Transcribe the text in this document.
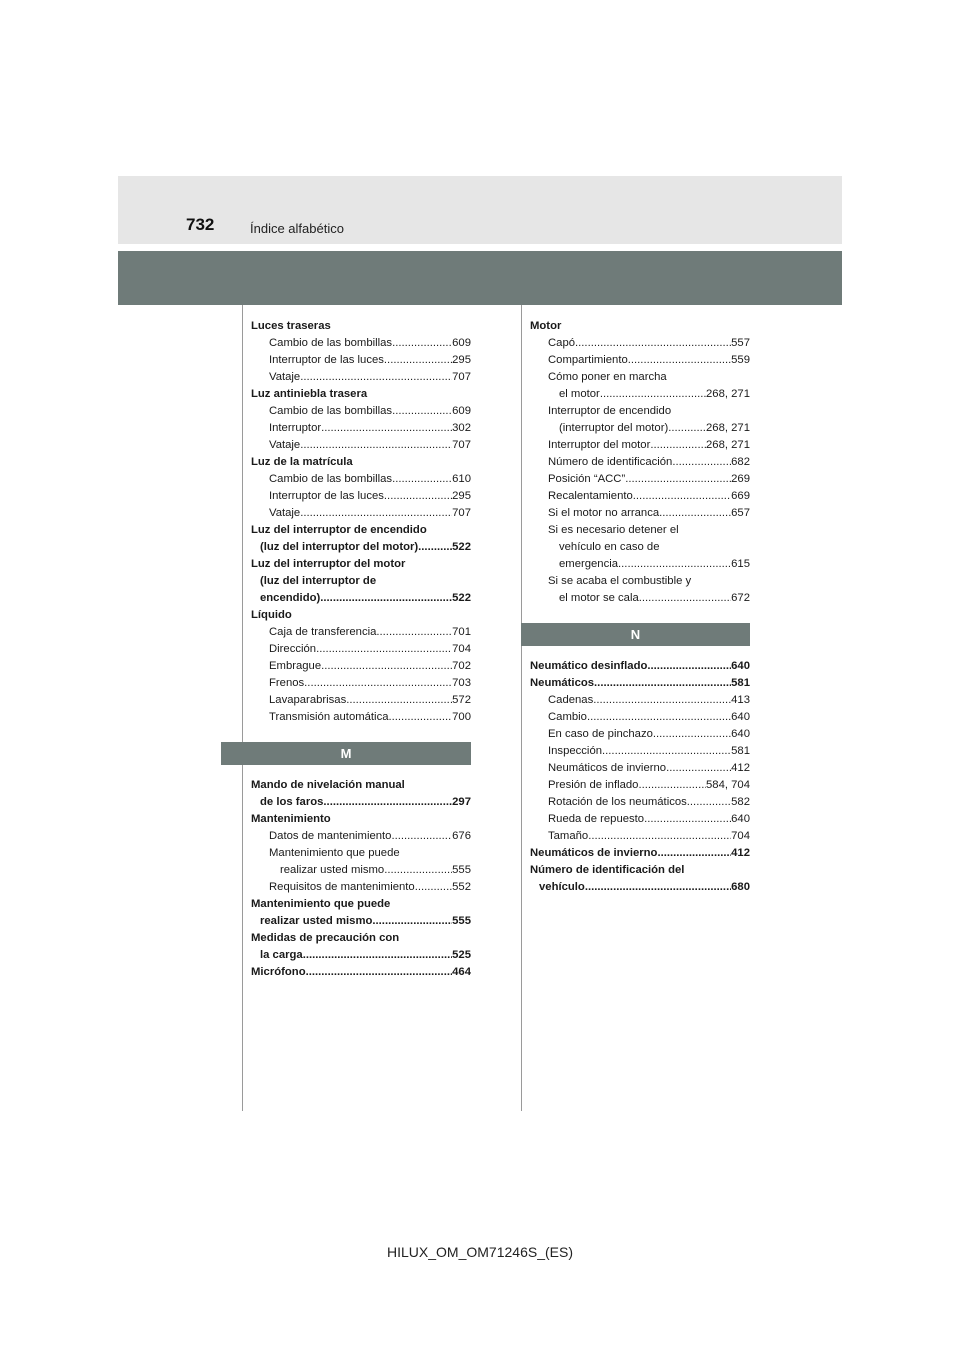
732	Índice alfabético
Luces traseras
Cambio de las bombillas .....	609
Interruptor de las luces .....	295
Vataje .....	707
Luz antiniebla trasera
Cambio de las bombillas .....	609
Interruptor .....	302
Vataje .....	707
Luz de la matrícula
Cambio de las bombillas .....	610
Interruptor de las luces .....	295
Vataje .....	707
Luz del interruptor de encendido
(luz del interruptor del motor) .....	522
Luz del interruptor del motor
(luz del interruptor de
encendido) .....	522
Líquido
Caja de transferencia .....	701
Dirección .....	704
Embrague .....	702
Frenos .....	703
Lavaparabrisas .....	572
Transmisión automática .....	700
M
Mando de nivelación manual
de los faros .....	297
Mantenimiento
Datos de mantenimiento .....	676
Mantenimiento que puede
realizar usted mismo .....	555
Requisitos de mantenimiento .....	552
Mantenimiento que puede
realizar usted mismo .....	555
Medidas de precaución con
la carga .....	525
Micrófono .....	464
Motor
Capó .....	557
Compartimiento .....	559
Cómo poner en marcha
el motor .....	268, 271
Interruptor de encendido
(interruptor del motor) .....	268, 271
Interruptor del motor .....	268, 271
Número de identificación .....	682
Posición “ACC” .....	269
Recalentamiento .....	669
Si el motor no arranca .....	657
Si es necesario detener el
vehículo en caso de
emergencia .....	615
Si se acaba el combustible y
el motor se cala .....	672
N
Neumático desinflado .....	640
Neumáticos .....	581
Cadenas .....	413
Cambio .....	640
En caso de pinchazo .....	640
Inspección .....	581
Neumáticos de invierno .....	412
Presión de inflado .....	584, 704
Rotación de los neumáticos .....	582
Rueda de repuesto .....	640
Tamaño .....	704
Neumáticos de invierno .....	412
Número de identificación del
vehículo .....	680
HILUX_OM_OM71246S_(ES)
